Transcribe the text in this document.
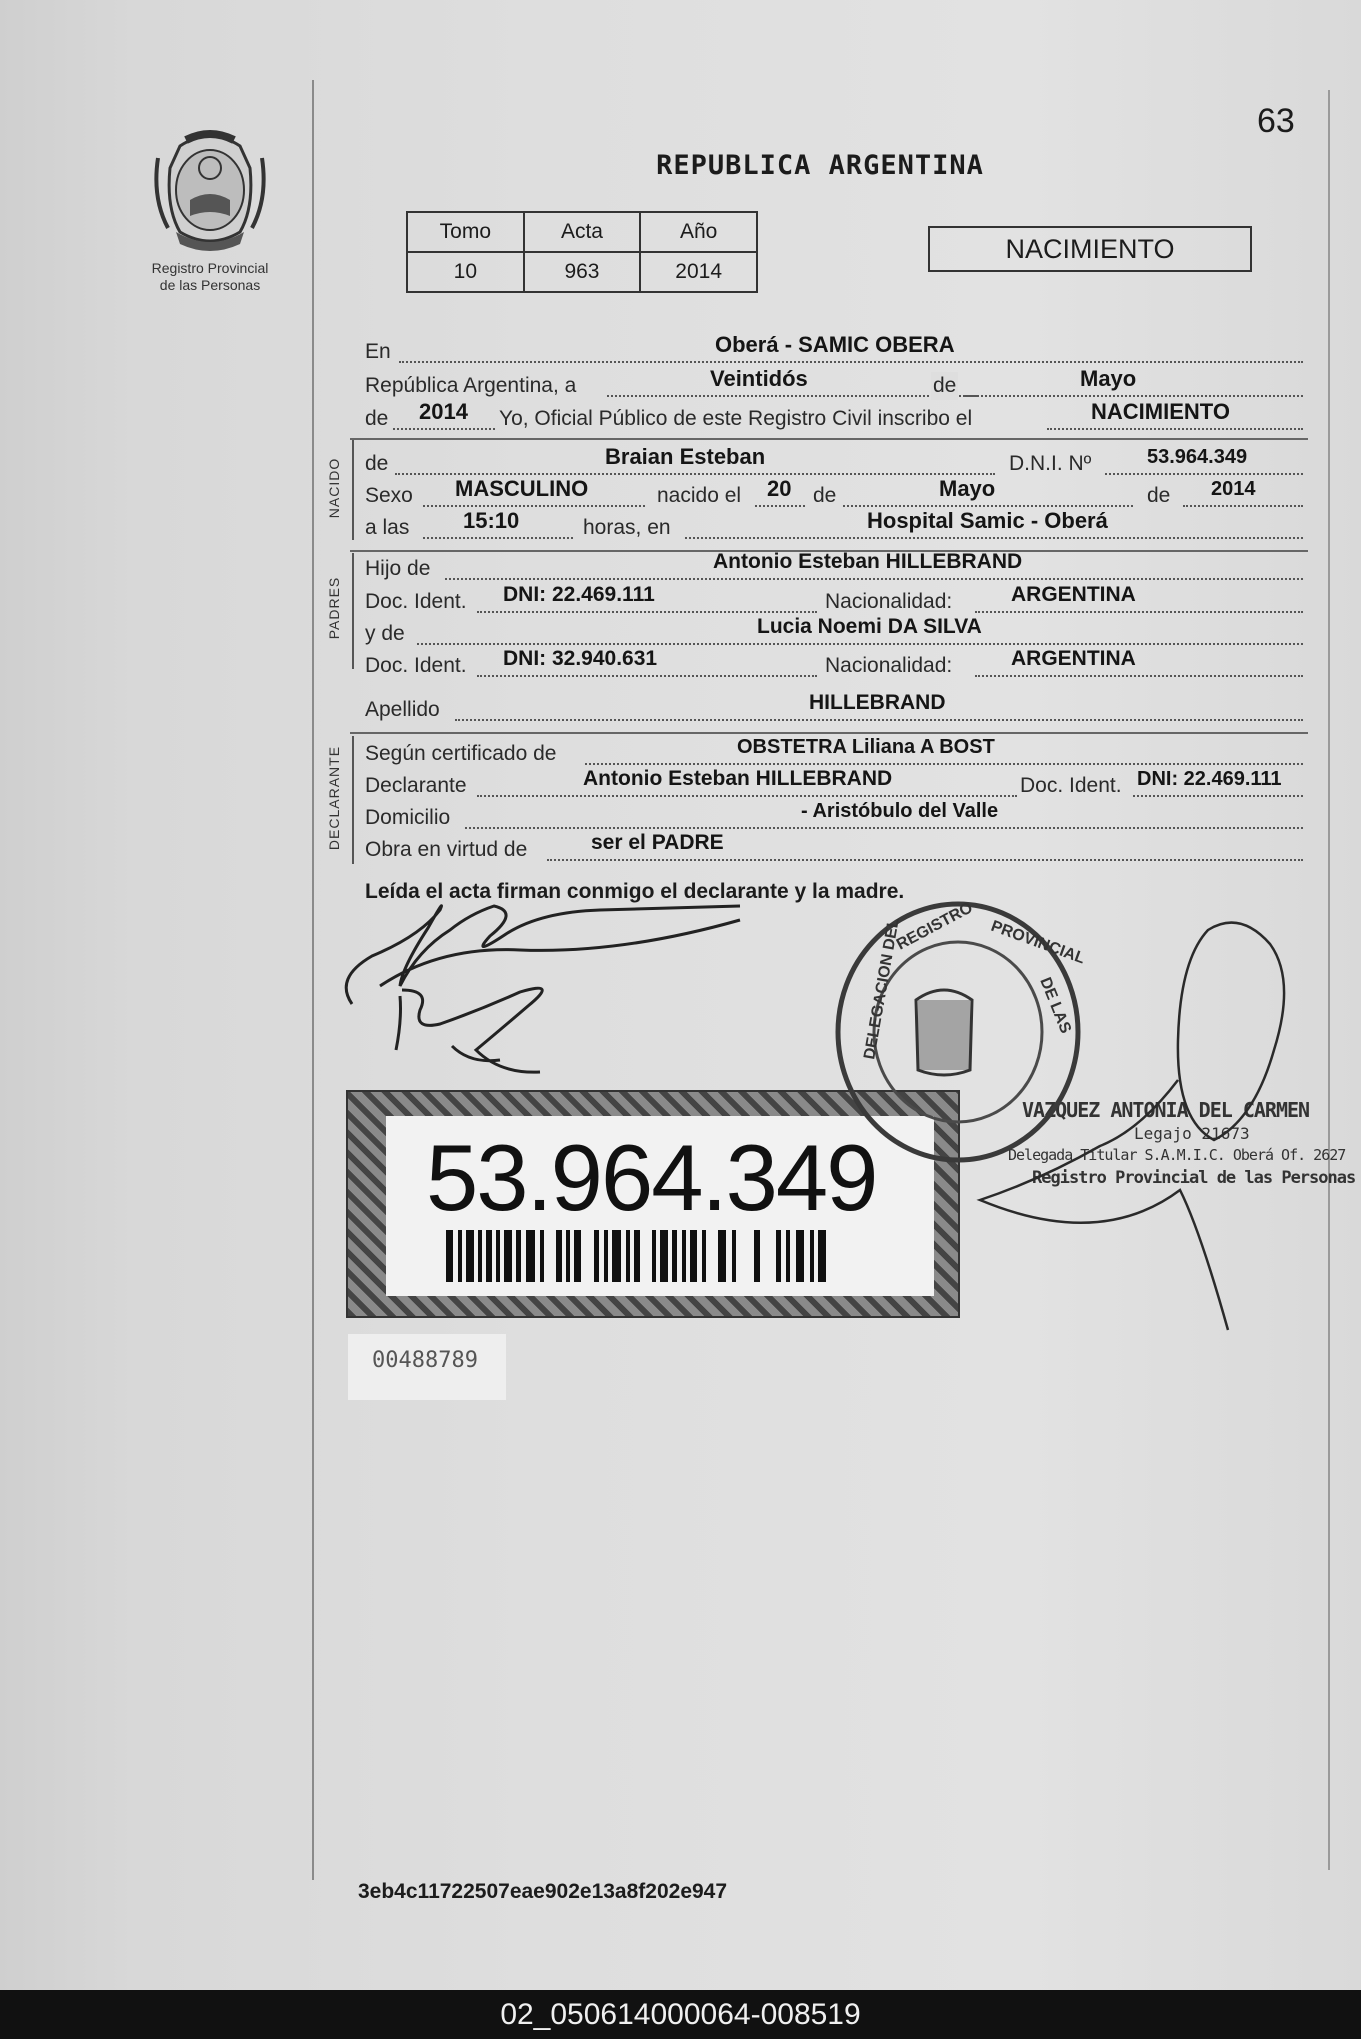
63
Registro Provincial
de las Personas
REPUBLICA ARGENTINA
Tomo	Acta	Año
10	963	2014
NACIMIENTO
En	Oberá - SAMIC OBERA
República Argentina, a	Veintidós	de	Mayo
de 2014 Yo, Oficial Público de este Registro Civil inscribo el	NACIMIENTO
NACIDO de	Braian Esteban	D.N.I. Nº	53.964.349
Sexo MASCULINO	nacido el 20 de	Mayo	de 2014
a las 15:10	horas, en	Hospital Samic - Oberá
PADRES
Hijo de	Antonio Esteban HILLEBRAND
Doc. Ident. DNI: 22.469.111	Nacionalidad:	ARGENTINA
y de	Lucia Noemi DA SILVA
Doc. Ident. DNI: 32.940.631	Nacionalidad:	ARGENTINA
Apellido	HILLEBRAND
DECLARANTE Según certificado de	OBSTETRA Liliana A BOST
Declarante	Antonio Esteban HILLEBRAND	Doc. Ident. DNI: 22.469.111
Domicilio	- Aristóbulo del Valle
Obra en virtud de	ser el PADRE
Leída el acta firman conmigo el declarante y la madre.
53.964.349
00488789
VAZQUEZ ANTONIA DEL CARMEN
Legajo 21673
Delegada Titular S.A.M.I.C. Oberá Of. 2627
Registro Provincial de las Personas
3eb4c11722507eae902e13a8f202e947
DELEGACION DEL
REGISTRO PROVINCIAL
DE LAS
02_050614000064-008519
